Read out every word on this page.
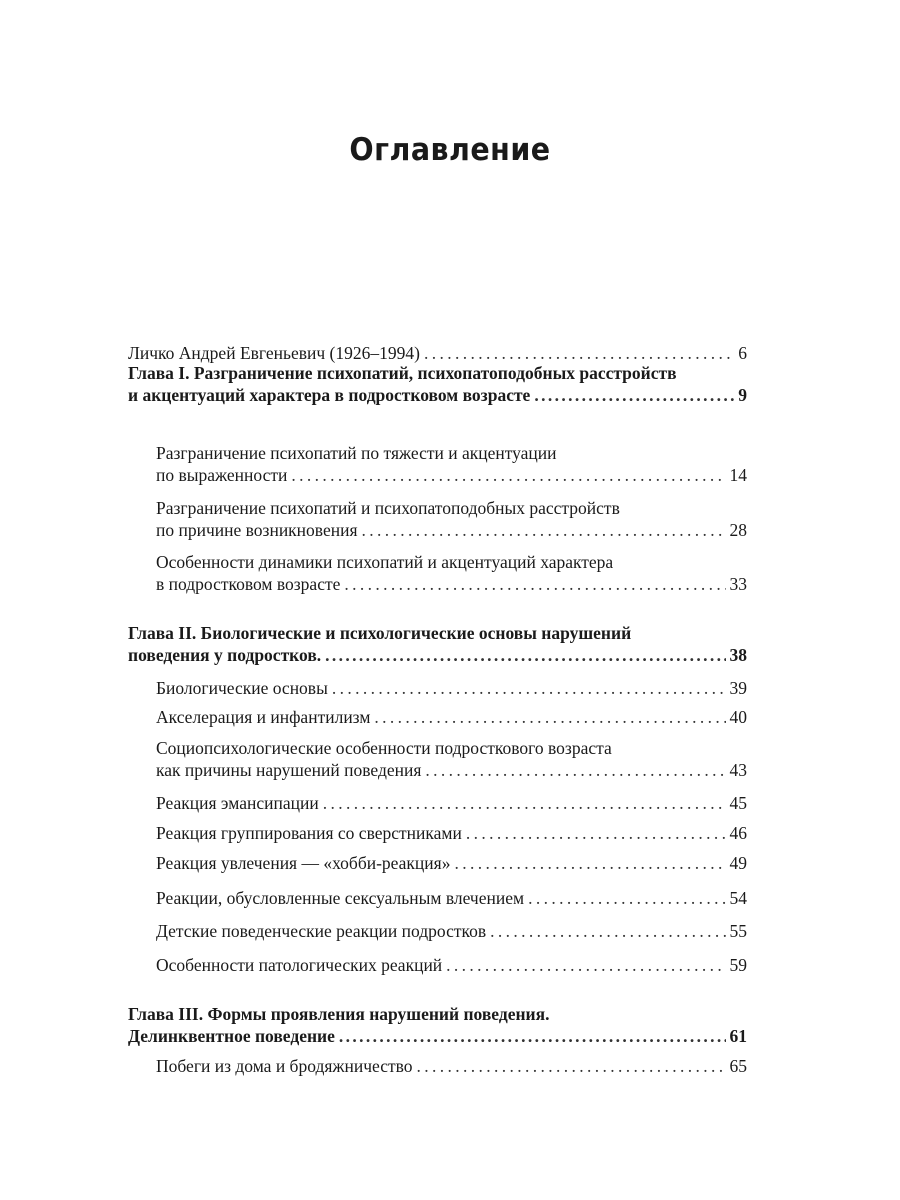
Оглавление
Личко Андрей Евгеньевич (1926–1994) . . .	6
Глава I. Разграничение психопатий, психопатоподобных расстройств
и акцентуаций характера в подростковом возрасте . . .	9
Разграничение психопатий по тяжести и акцентуации
по выраженности . . .	14
Разграничение психопатий и психопатоподобных расстройств
по причине возникновения . . .	28
Особенности динамики психопатий и акцентуаций характера
в подростковом возрасте . . .	33
Глава II. Биологические и психологические основы нарушений
поведения у подростков. . . .	38
Биологические основы . . .	39
Акселерация и инфантилизм . . .	40
Социопсихологические особенности подросткового возраста
как причины нарушений поведения . . .	43
Реакция эмансипации . . .	45
Реакция группирования со сверстниками . . .	46
Реакция увлечения — «хобби-реакция» . . .	49
Реакции, обусловленные сексуальным влечением . . .	54
Детские поведенческие реакции подростков . . .	55
Особенности патологических реакций . . .	59
Глава III. Формы проявления нарушений поведения.
Делинквентное поведение . . .	61
Побеги из дома и бродяжничество . . .	65
